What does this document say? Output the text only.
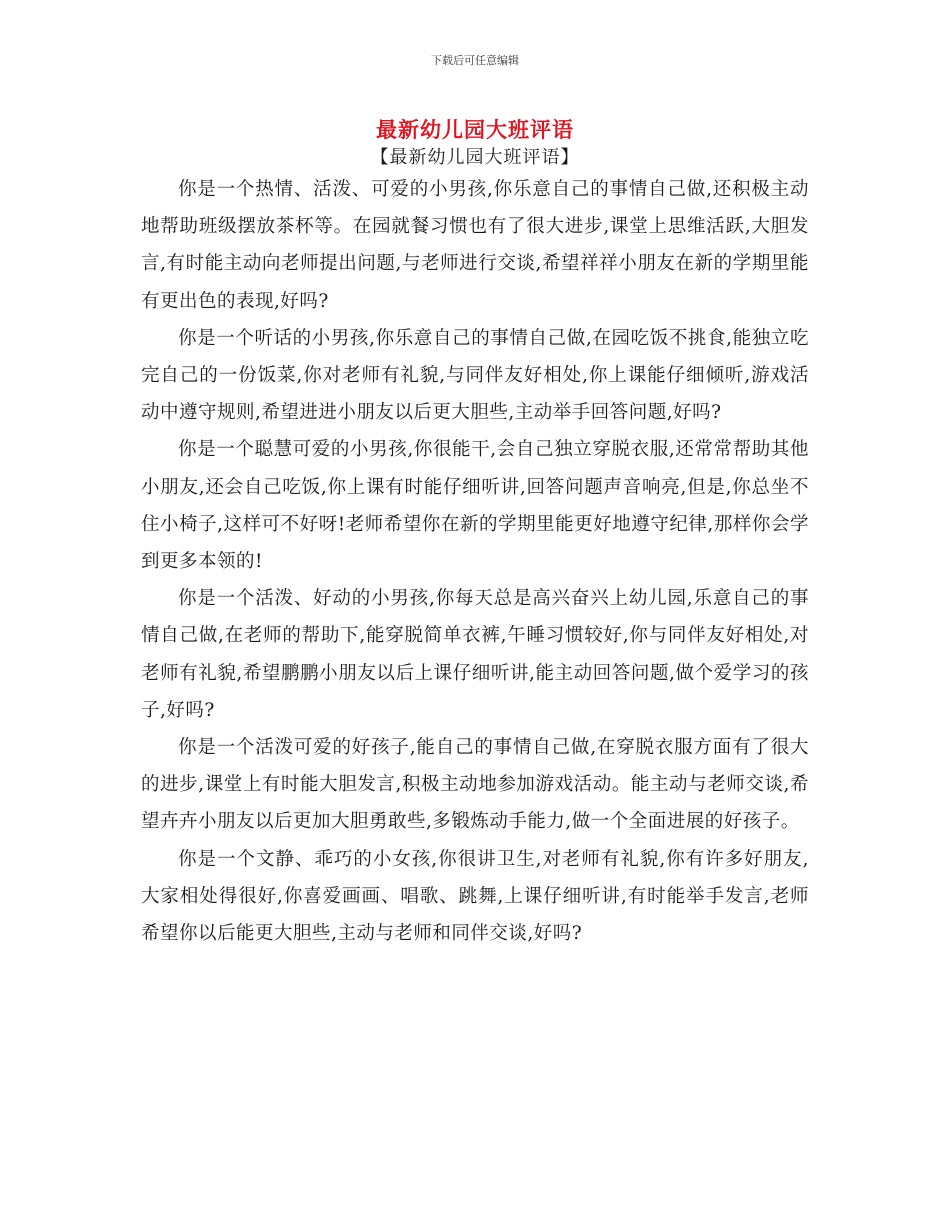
下载后可任意编辑
最新幼儿园大班评语
【最新幼儿园大班评语】

你是一个热情、活泼、可爱的小男孩,你乐意自己的事情自己做,还积极主动地帮助班级摆放茶杯等。在园就餐习惯也有了很大进步,课堂上思维活跃,大胆发言,有时能主动向老师提出问题,与老师进行交谈,希望祥祥小朋友在新的学期里能有更出色的表现,好吗?

你是一个听话的小男孩,你乐意自己的事情自己做,在园吃饭不挑食,能独立吃完自己的一份饭菜,你对老师有礼貌,与同伴友好相处,你上课能仔细倾听,游戏活动中遵守规则,希望进进小朋友以后更大胆些,主动举手回答问题,好吗?

你是一个聪慧可爱的小男孩,你很能干,会自己独立穿脱衣服,还常常帮助其他小朋友,还会自己吃饭,你上课有时能仔细听讲,回答问题声音响亮,但是,你总坐不住小椅子,这样可不好呀!老师希望你在新的学期里能更好地遵守纪律,那样你会学到更多本领的!

你是一个活泼、好动的小男孩,你每天总是高兴奋兴上幼儿园,乐意自己的事情自己做,在老师的帮助下,能穿脱简单衣裤,午睡习惯较好,你与同伴友好相处,对老师有礼貌,希望鹏鹏小朋友以后上课仔细听讲,能主动回答问题,做个爱学习的孩子,好吗?

你是一个活泼可爱的好孩子,能自己的事情自己做,在穿脱衣服方面有了很大的进步,课堂上有时能大胆发言,积极主动地参加游戏活动。能主动与老师交谈,希望卉卉小朋友以后更加大胆勇敢些,多锻炼动手能力,做一个全面进展的好孩子。

你是一个文静、乖巧的小女孩,你很讲卫生,对老师有礼貌,你有许多好朋友,大家相处得很好,你喜爱画画、唱歌、跳舞,上课仔细听讲,有时能举手发言,老师希望你以后能更大胆些,主动与老师和同伴交谈,好吗?
